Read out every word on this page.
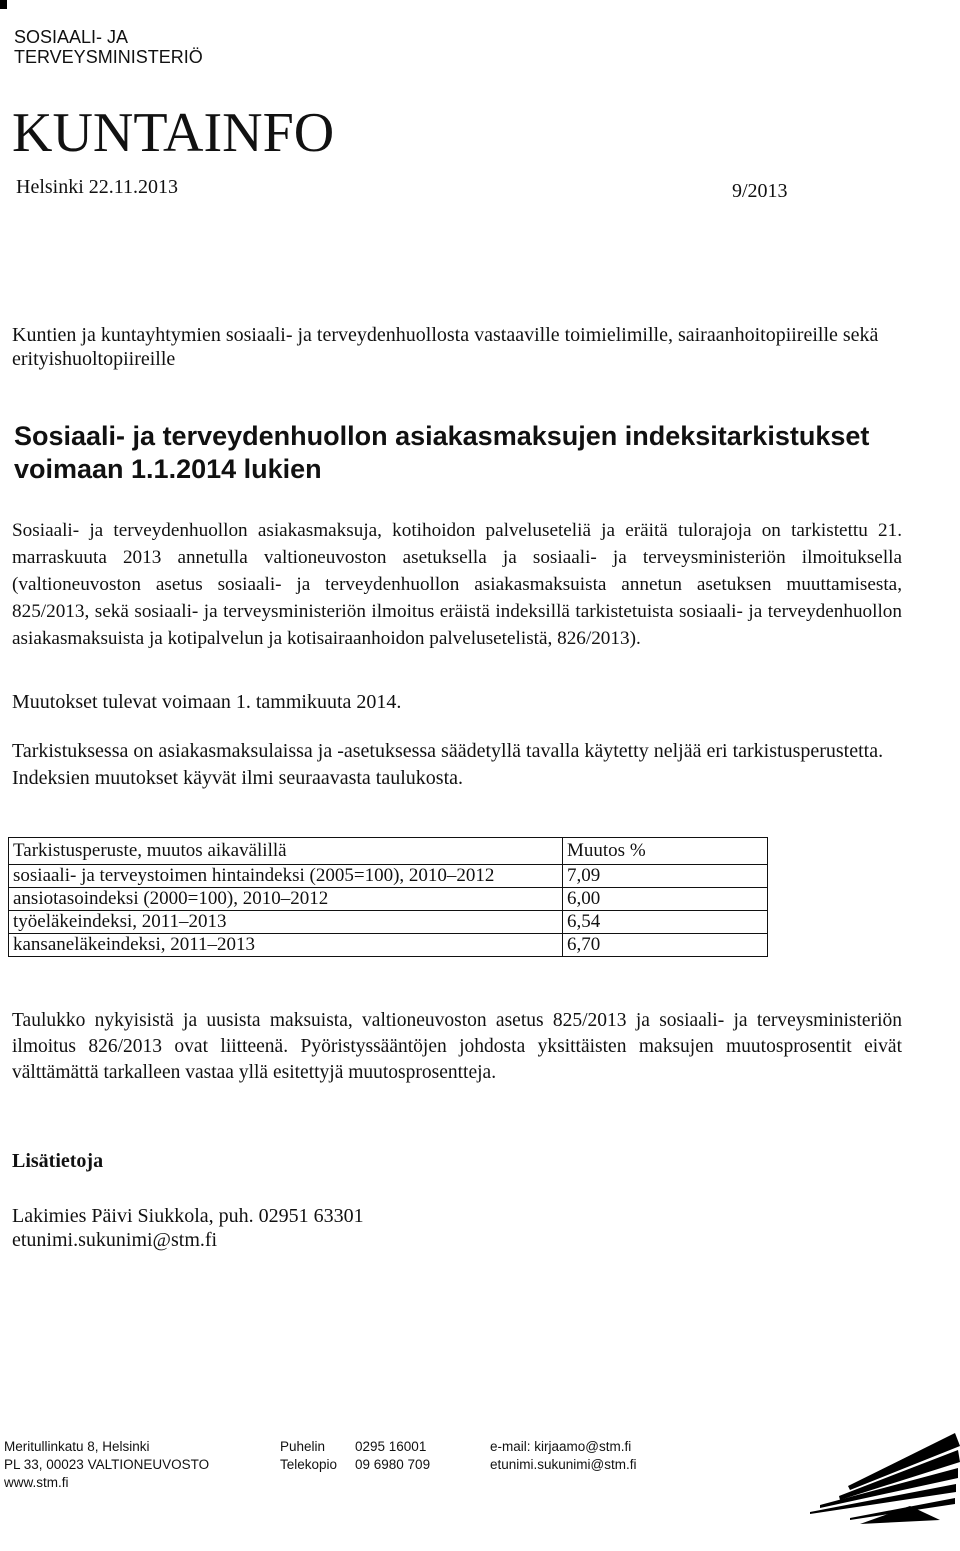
SOSIAALI- JA
TERVEYSMINISTERIÖ
KUNTAINFO
Helsinki 22.11.2013	9/2013
Kuntien ja kuntayhtymien sosiaali- ja terveydenhuollosta vastaaville toimielimille, sairaanhoitopiireille sekä erityishuoltopiireille
Sosiaali- ja terveydenhuollon asiakasmaksujen indeksitarkistukset voimaan 1.1.2014 lukien
Sosiaali- ja terveydenhuollon asiakasmaksuja, kotihoidon palveluseteliä ja eräitä tulorajoja on tarkistettu 21. marraskuuta 2013 annetulla valtioneuvoston asetuksella ja sosiaali- ja terveysministeriön ilmoituksella (valtioneuvoston asetus sosiaali- ja terveydenhuollon asiakasmaksuista annetun asetuksen muuttamisesta, 825/2013, sekä sosiaali- ja terveysministeriön ilmoitus eräistä indeksillä tarkistetuista sosiaali- ja terveydenhuollon asiakasmaksuista ja kotipalvelun ja kotisairaanhoidon palvelusetelistä, 826/2013).
Muutokset tulevat voimaan 1. tammikuuta 2014.
Tarkistuksessa on asiakasmaksulaissa ja -asetuksessa säädetyllä tavalla käytetty neljää eri tarkistusperustetta. Indeksien muutokset käyvät ilmi seuraavasta taulukosta.
Tarkistusperuste, muutos aikavälillä	Muutos %
sosiaali- ja terveystoimen hintaindeksi (2005=100), 2010–2012	7,09
ansiotasoindeksi (2000=100), 2010–2012	6,00
työeläkeindeksi, 2011–2013	6,54
kansaneläkeindeksi, 2011–2013	6,70
Taulukko nykyisistä ja uusista maksuista, valtioneuvoston asetus 825/2013 ja sosiaali- ja terveysministeriön ilmoitus 826/2013 ovat liitteenä. Pyöristyssääntöjen johdosta yksittäisten maksujen muutosprosentit eivät välttämättä tarkalleen vastaa yllä esitettyjä muutosprosentteja.
Lisätietoja
Lakimies Päivi Siukkola, puh. 02951 63301
etunimi.sukunimi@stm.fi
Meritullinkatu 8, Helsinki
PL 33, 00023 VALTIONEUVOSTO
www.stm.fi
Puhelin
Telekopio
0295 16001
09 6980 709
e-mail: kirjaamo@stm.fi
etunimi.sukunimi@stm.fi
